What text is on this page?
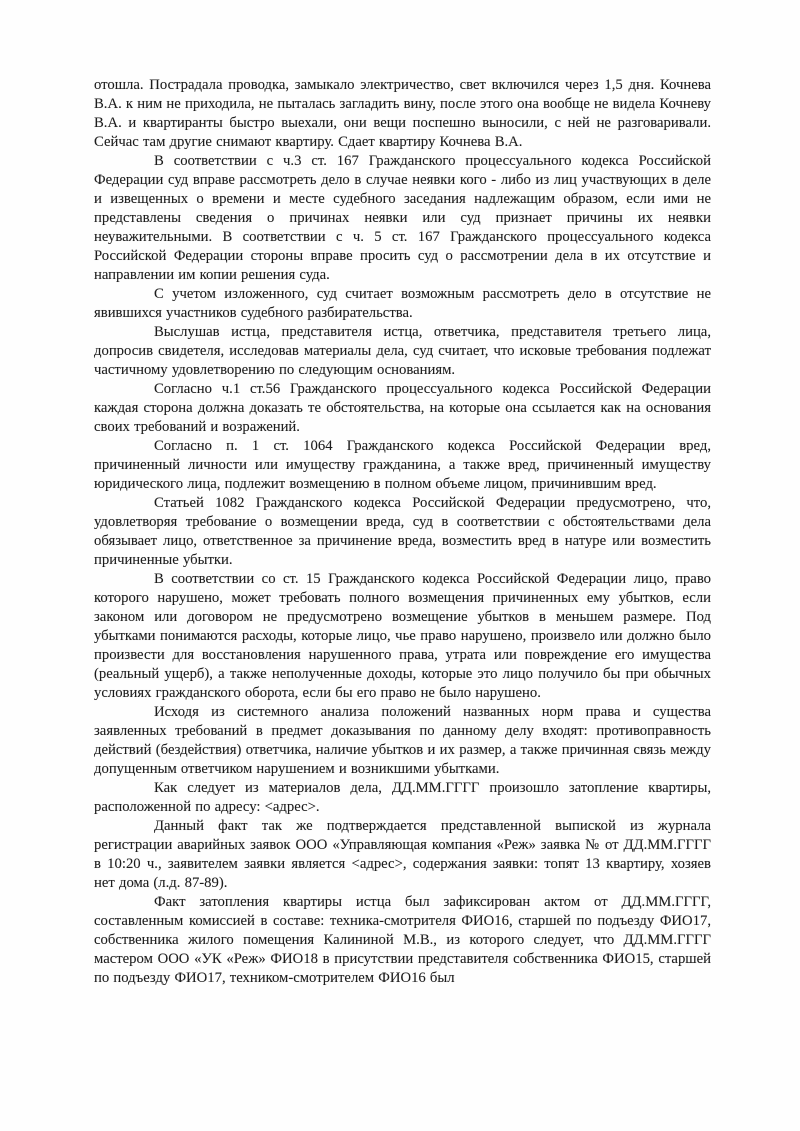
отошла. Пострадала проводка, замыкало электричество, свет включился через 1,5 дня. Кочнева В.А. к ним не приходила, не пыталась загладить вину, после этого она вообще не видела Кочневу В.А. и квартиранты быстро выехали, они вещи поспешно выносили, с ней не разговаривали. Сейчас там другие снимают квартиру. Сдает квартиру Кочнева В.А.

В соответствии с ч.3 ст. 167 Гражданского процессуального кодекса Российской Федерации суд вправе рассмотреть дело в случае неявки кого - либо из лиц участвующих в деле и извещенных о времени и месте судебного заседания надлежащим образом, если ими не представлены сведения о причинах неявки или суд признает причины их неявки неуважительными. В соответствии с ч. 5 ст. 167 Гражданского процессуального кодекса Российской Федерации стороны вправе просить суд о рассмотрении дела в их отсутствие и направлении им копии решения суда.

С учетом изложенного, суд считает возможным рассмотреть дело в отсутствие не явившихся участников судебного разбирательства.

Выслушав истца, представителя истца, ответчика, представителя третьего лица, допросив свидетеля, исследовав материалы дела, суд считает, что исковые требования подлежат частичному удовлетворению по следующим основаниям.

Согласно ч.1 ст.56 Гражданского процессуального кодекса Российской Федерации каждая сторона должна доказать те обстоятельства, на которые она ссылается как на основания своих требований и возражений.

Согласно п. 1 ст. 1064 Гражданского кодекса Российской Федерации вред, причиненный личности или имуществу гражданина, а также вред, причиненный имуществу юридического лица, подлежит возмещению в полном объеме лицом, причинившим вред.

Статьей 1082 Гражданского кодекса Российской Федерации предусмотрено, что, удовлетворяя требование о возмещении вреда, суд в соответствии с обстоятельствами дела обязывает лицо, ответственное за причинение вреда, возместить вред в натуре или возместить причиненные убытки.

В соответствии со ст. 15 Гражданского кодекса Российской Федерации лицо, право которого нарушено, может требовать полного возмещения причиненных ему убытков, если законом или договором не предусмотрено возмещение убытков в меньшем размере. Под убытками понимаются расходы, которые лицо, чье право нарушено, произвело или должно было произвести для восстановления нарушенного права, утрата или повреждение его имущества (реальный ущерб), а также неполученные доходы, которые это лицо получило бы при обычных условиях гражданского оборота, если бы его право не было нарушено.

Исходя из системного анализа положений названных норм права и существа заявленных требований в предмет доказывания по данному делу входят: противоправность действий (бездействия) ответчика, наличие убытков и их размер, а также причинная связь между допущенным ответчиком нарушением и возникшими убытками.

Как следует из материалов дела, ДД.ММ.ГГГГ произошло затопление квартиры, расположенной по адресу: <адрес>.

Данный факт так же подтверждается представленной выпиской из журнала регистрации аварийных заявок ООО «Управляющая компания «Реж» заявка № от ДД.ММ.ГГГГ в 10:20 ч., заявителем заявки является <адрес>, содержания заявки: топят 13 квартиру, хозяев нет дома (л.д. 87-89).

Факт затопления квартиры истца был зафиксирован актом от ДД.ММ.ГГГГ, составленным комиссией в составе: техника-смотрителя ФИО16, старшей по подъезду ФИО17, собственника жилого помещения Калининой М.В., из которого следует, что ДД.ММ.ГГГГ мастером ООО «УК «Реж» ФИО18 в присутствии представителя собственника ФИО15, старшей по подъезду ФИО17, техником-смотрителем ФИО16 был
